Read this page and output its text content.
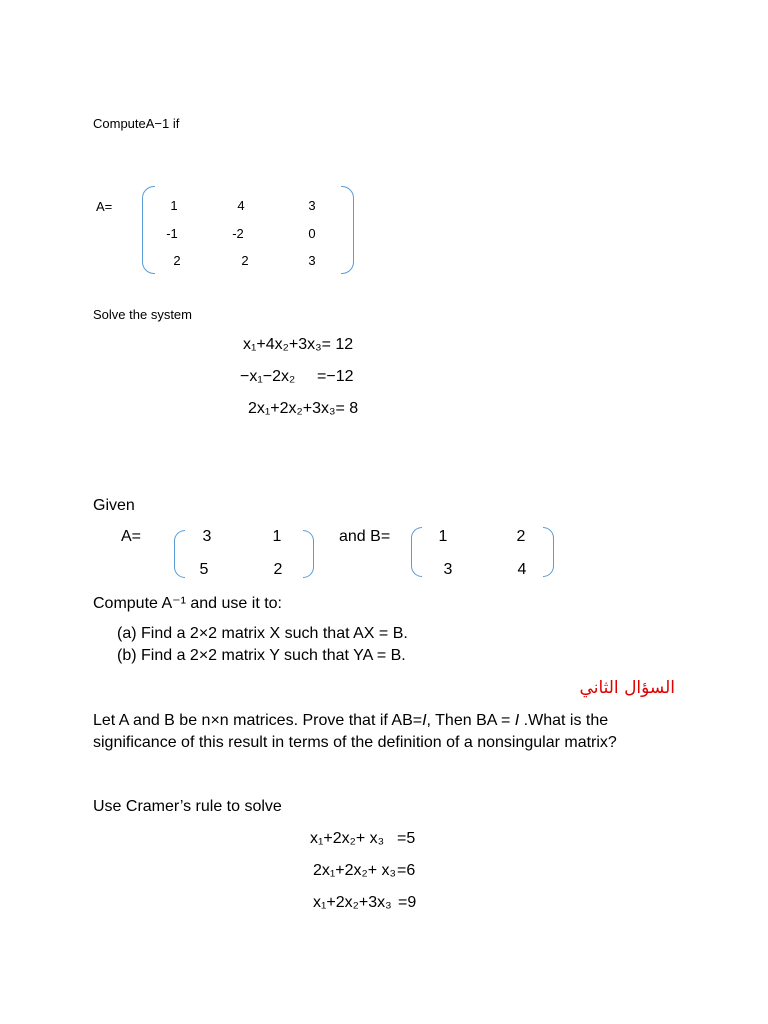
ComputeA−1 if
A=	1	4	3
-1	-2	0
2	2	3
Solve the system
x₁+4x₂+3x₃= 12
−x₁−2x₂ =−12
2x₁+2x₂+3x₃= 8
Given
A=	3	1
5	2
and B=	1	2
3	4
Compute A⁻¹ and use it to:
(a) Find a 2×2 matrix X such that AX = B.
(b) Find a 2×2 matrix Y such that YA = B.
السؤال الثاني
Let A and B be n×n matrices. Prove that if AB=I, Then BA = I .What is the significance of this result in terms of the definition of a nonsingular matrix?
Use Cramer’s rule to solve
x₁+2x₂+ x₃ =5
2x₁+2x₂+ x₃ =6
x₁+2x₂+3x₃ =9
